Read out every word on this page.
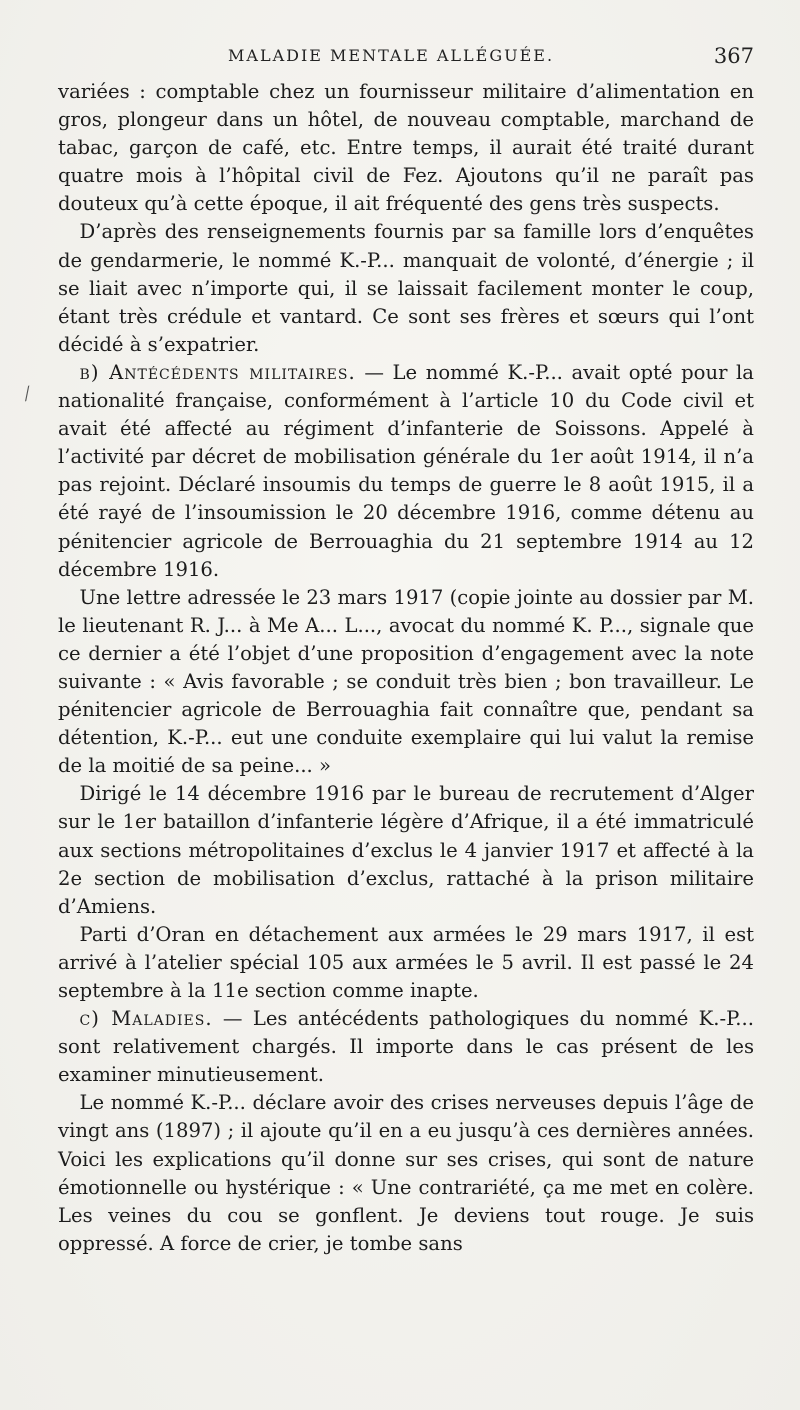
MALADIE MENTALE ALLÉGUÉE.	367
⁄

variées : comptable chez un fournisseur militaire d’alimentation en gros, plongeur dans un hôtel, de nouveau comptable, marchand de tabac, garçon de café, etc. Entre temps, il aurait été traité durant quatre mois à l’hôpital civil de Fez. Ajoutons qu’il ne paraît pas douteux qu’à cette époque, il ait fréquenté des gens très suspects.

D’après des renseignements fournis par sa famille lors d’enquêtes de gendarmerie, le nommé K.-P... manquait de volonté, d’énergie ; il se liait avec n’importe qui, il se laissait facilement monter le coup, étant très crédule et vantard. Ce sont ses frères et sœurs qui l’ont décidé à s’expatrier.

b) Antécédents militaires. — Le nommé K.-P... avait opté pour la nationalité française, conformément à l’article 10 du Code civil et avait été affecté au régiment d’infanterie de Soissons. Appelé à l’activité par décret de mobilisation générale du 1er août 1914, il n’a pas rejoint. Déclaré insoumis du temps de guerre le 8 août 1915, il a été rayé de l’insoumission le 20 décembre 1916, comme détenu au pénitencier agricole de Berrouaghia du 21 septembre 1914 au 12 décembre 1916.

Une lettre adressée le 23 mars 1917 (copie jointe au dossier par M. le lieutenant R. J... à Me A... L..., avocat du nommé K. P..., signale que ce dernier a été l’objet d’une proposition d’engagement avec la note suivante : « Avis favorable ; se conduit très bien ; bon travailleur. Le pénitencier agricole de Berrouaghia fait connaître que, pendant sa détention, K.-P... eut une conduite exemplaire qui lui valut la remise de la moitié de sa peine... »

Dirigé le 14 décembre 1916 par le bureau de recrutement d’Alger sur le 1er bataillon d’infanterie légère d’Afrique, il a été immatriculé aux sections métropolitaines d’exclus le 4 janvier 1917 et affecté à la 2e section de mobilisation d’exclus, rattaché à la prison militaire d’Amiens.

Parti d’Oran en détachement aux armées le 29 mars 1917, il est arrivé à l’atelier spécial 105 aux armées le 5 avril. Il est passé le 24 septembre à la 11e section comme inapte.

c) Maladies. — Les antécédents pathologiques du nommé K.-P... sont relativement chargés. Il importe dans le cas présent de les examiner minutieusement.

Le nommé K.-P... déclare avoir des crises nerveuses depuis l’âge de vingt ans (1897) ; il ajoute qu’il en a eu jusqu’à ces dernières années. Voici les explications qu’il donne sur ses crises, qui sont de nature émotionnelle ou hystérique : « Une contrariété, ça me met en colère. Les veines du cou se gonflent. Je deviens tout rouge. Je suis oppressé. A force de crier, je tombe sans
